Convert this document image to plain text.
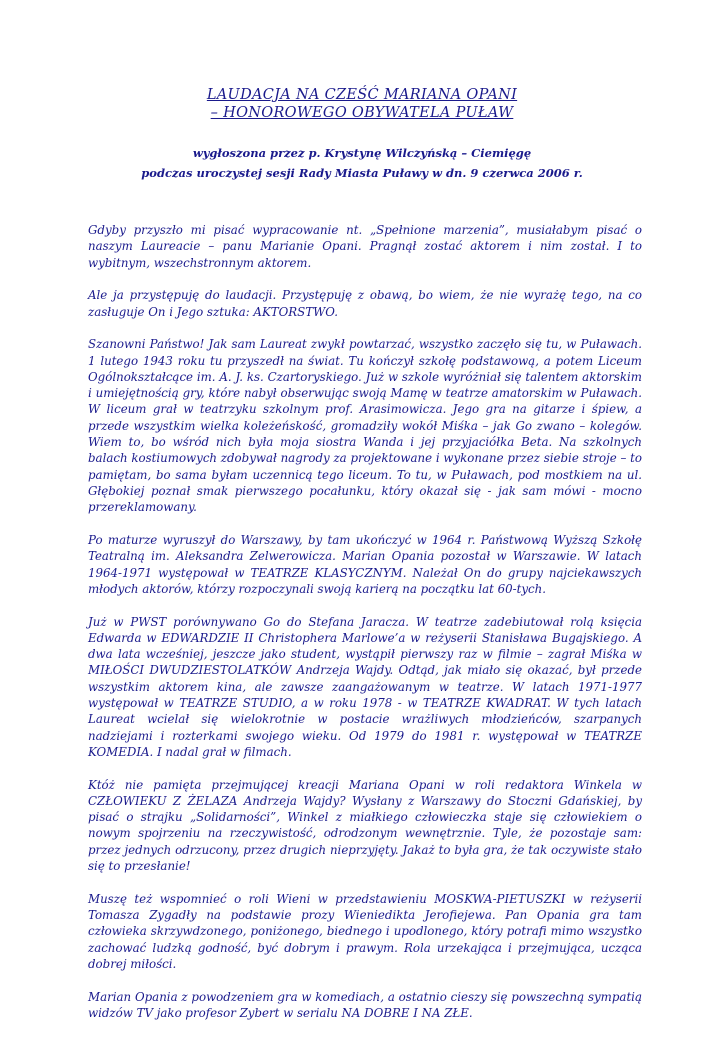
LAUDACJA NA CZEŚĆ MARIANA OPANI
– HONOROWEGO OBYWATELA PUŁAW
wygłoszona przez p. Krystynę Wilczyńską – Ciemięgę
podczas uroczystej sesji Rady Miasta Puławy w dn. 9 czerwca 2006 r.

Gdyby przyszło mi pisać wypracowanie nt. „Spełnione marzenia”, musiałabym pisać o naszym Laureacie – panu Marianie Opani. Pragnął zostać aktorem i nim został. I to wybitnym, wszechstronnym aktorem.

Ale ja przystępuję do laudacji. Przystępuję z obawą, bo wiem, że nie wyrażę tego, na co zasługuje On i Jego sztuka: AKTORSTWO.

Szanowni Państwo! Jak sam Laureat zwykł powtarzać, wszystko zaczęło się tu, w Puławach. 1 lutego 1943 roku tu przyszedł na świat. Tu kończył szkołę podstawową, a potem Liceum Ogólnokształcące im. A. J. ks. Czartoryskiego. Już w szkole wyróżniał się talentem aktorskim i umiejętnością gry, które nabył obserwując swoją Mamę w teatrze amatorskim w Puławach. W liceum grał w teatrzyku szkolnym prof. Arasimowicza. Jego gra na gitarze i śpiew, a przede wszystkim wielka koleżeńskość, gromadziły wokół Miśka – jak Go zwano – kolegów. Wiem to, bo wśród nich była moja siostra Wanda i jej przyjaciółka Beta. Na szkolnych balach kostiumowych zdobywał nagrody za projektowane i wykonane przez siebie stroje – to pamiętam, bo sama byłam uczennicą tego liceum. To tu, w Puławach, pod mostkiem na ul. Głębokiej poznał smak pierwszego pocałunku, który okazał się - jak sam mówi - mocno przereklamowany.

Po maturze wyruszył do Warszawy, by tam ukończyć w 1964 r. Państwową Wyższą Szkołę Teatralną im. Aleksandra Zelwerowicza. Marian Opania pozostał w Warszawie. W latach 1964-1971 występował w TEATRZE KLASYCZNYM. Należał On do grupy najciekawszych młodych aktorów, którzy rozpoczynali swoją karierą na początku lat 60-tych.

Już w PWST porównywano Go do Stefana Jaracza. W teatrze zadebiutował rolą księcia Edwarda w EDWARDZIE II Christophera Marlowe’a w reżyserii Stanisława Bugajskiego. A dwa lata wcześniej, jeszcze jako student, wystąpił pierwszy raz w filmie – zagrał Miśka w MIŁOŚCI DWUDZIESTOLATKÓW Andrzeja Wajdy. Odtąd, jak miało się okazać, był przede wszystkim aktorem kina, ale zawsze zaangażowanym w teatrze. W latach 1971-1977 występował w TEATRZE STUDIO, a w roku 1978 - w TEATRZE KWADRAT. W tych latach Laureat wcielał się wielokrotnie w postacie wrażliwych młodzieńców, szarpanych nadziejami i rozterkami swojego wieku. Od 1979 do 1981 r. występował w TEATRZE KOMEDIA. I nadal grał w filmach.

Któż nie pamięta przejmującej kreacji Mariana Opani w roli redaktora Winkela w CZŁOWIEKU Z ŻELAZA Andrzeja Wajdy? Wysłany z Warszawy do Stoczni Gdańskiej, by pisać o strajku „Solidarności”, Winkel z miałkiego człowieczka staje się człowiekiem o nowym spojrzeniu na rzeczywistość, odrodzonym wewnętrznie. Tyle, że pozostaje sam: przez jednych odrzucony, przez drugich nieprzyjęty. Jakaż to była gra, że tak oczywiste stało się to przesłanie!

Muszę też wspomnieć o roli Wieni w przedstawieniu MOSKWA-PIETUSZKI w reżyserii Tomasza Zygadły na podstawie prozy Wieniedikta Jerofiejewa. Pan Opania gra tam człowieka skrzywdzonego, poniżonego, biednego i upodlonego, który potrafi mimo wszystko zachować ludzką godność, być dobrym i prawym. Rola urzekająca i przejmująca, ucząca dobrej miłości.

Marian Opania z powodzeniem gra w komediach, a ostatnio cieszy się powszechną sympatią widzów TV jako profesor Zybert w serialu NA DOBRE I NA ZŁE.
